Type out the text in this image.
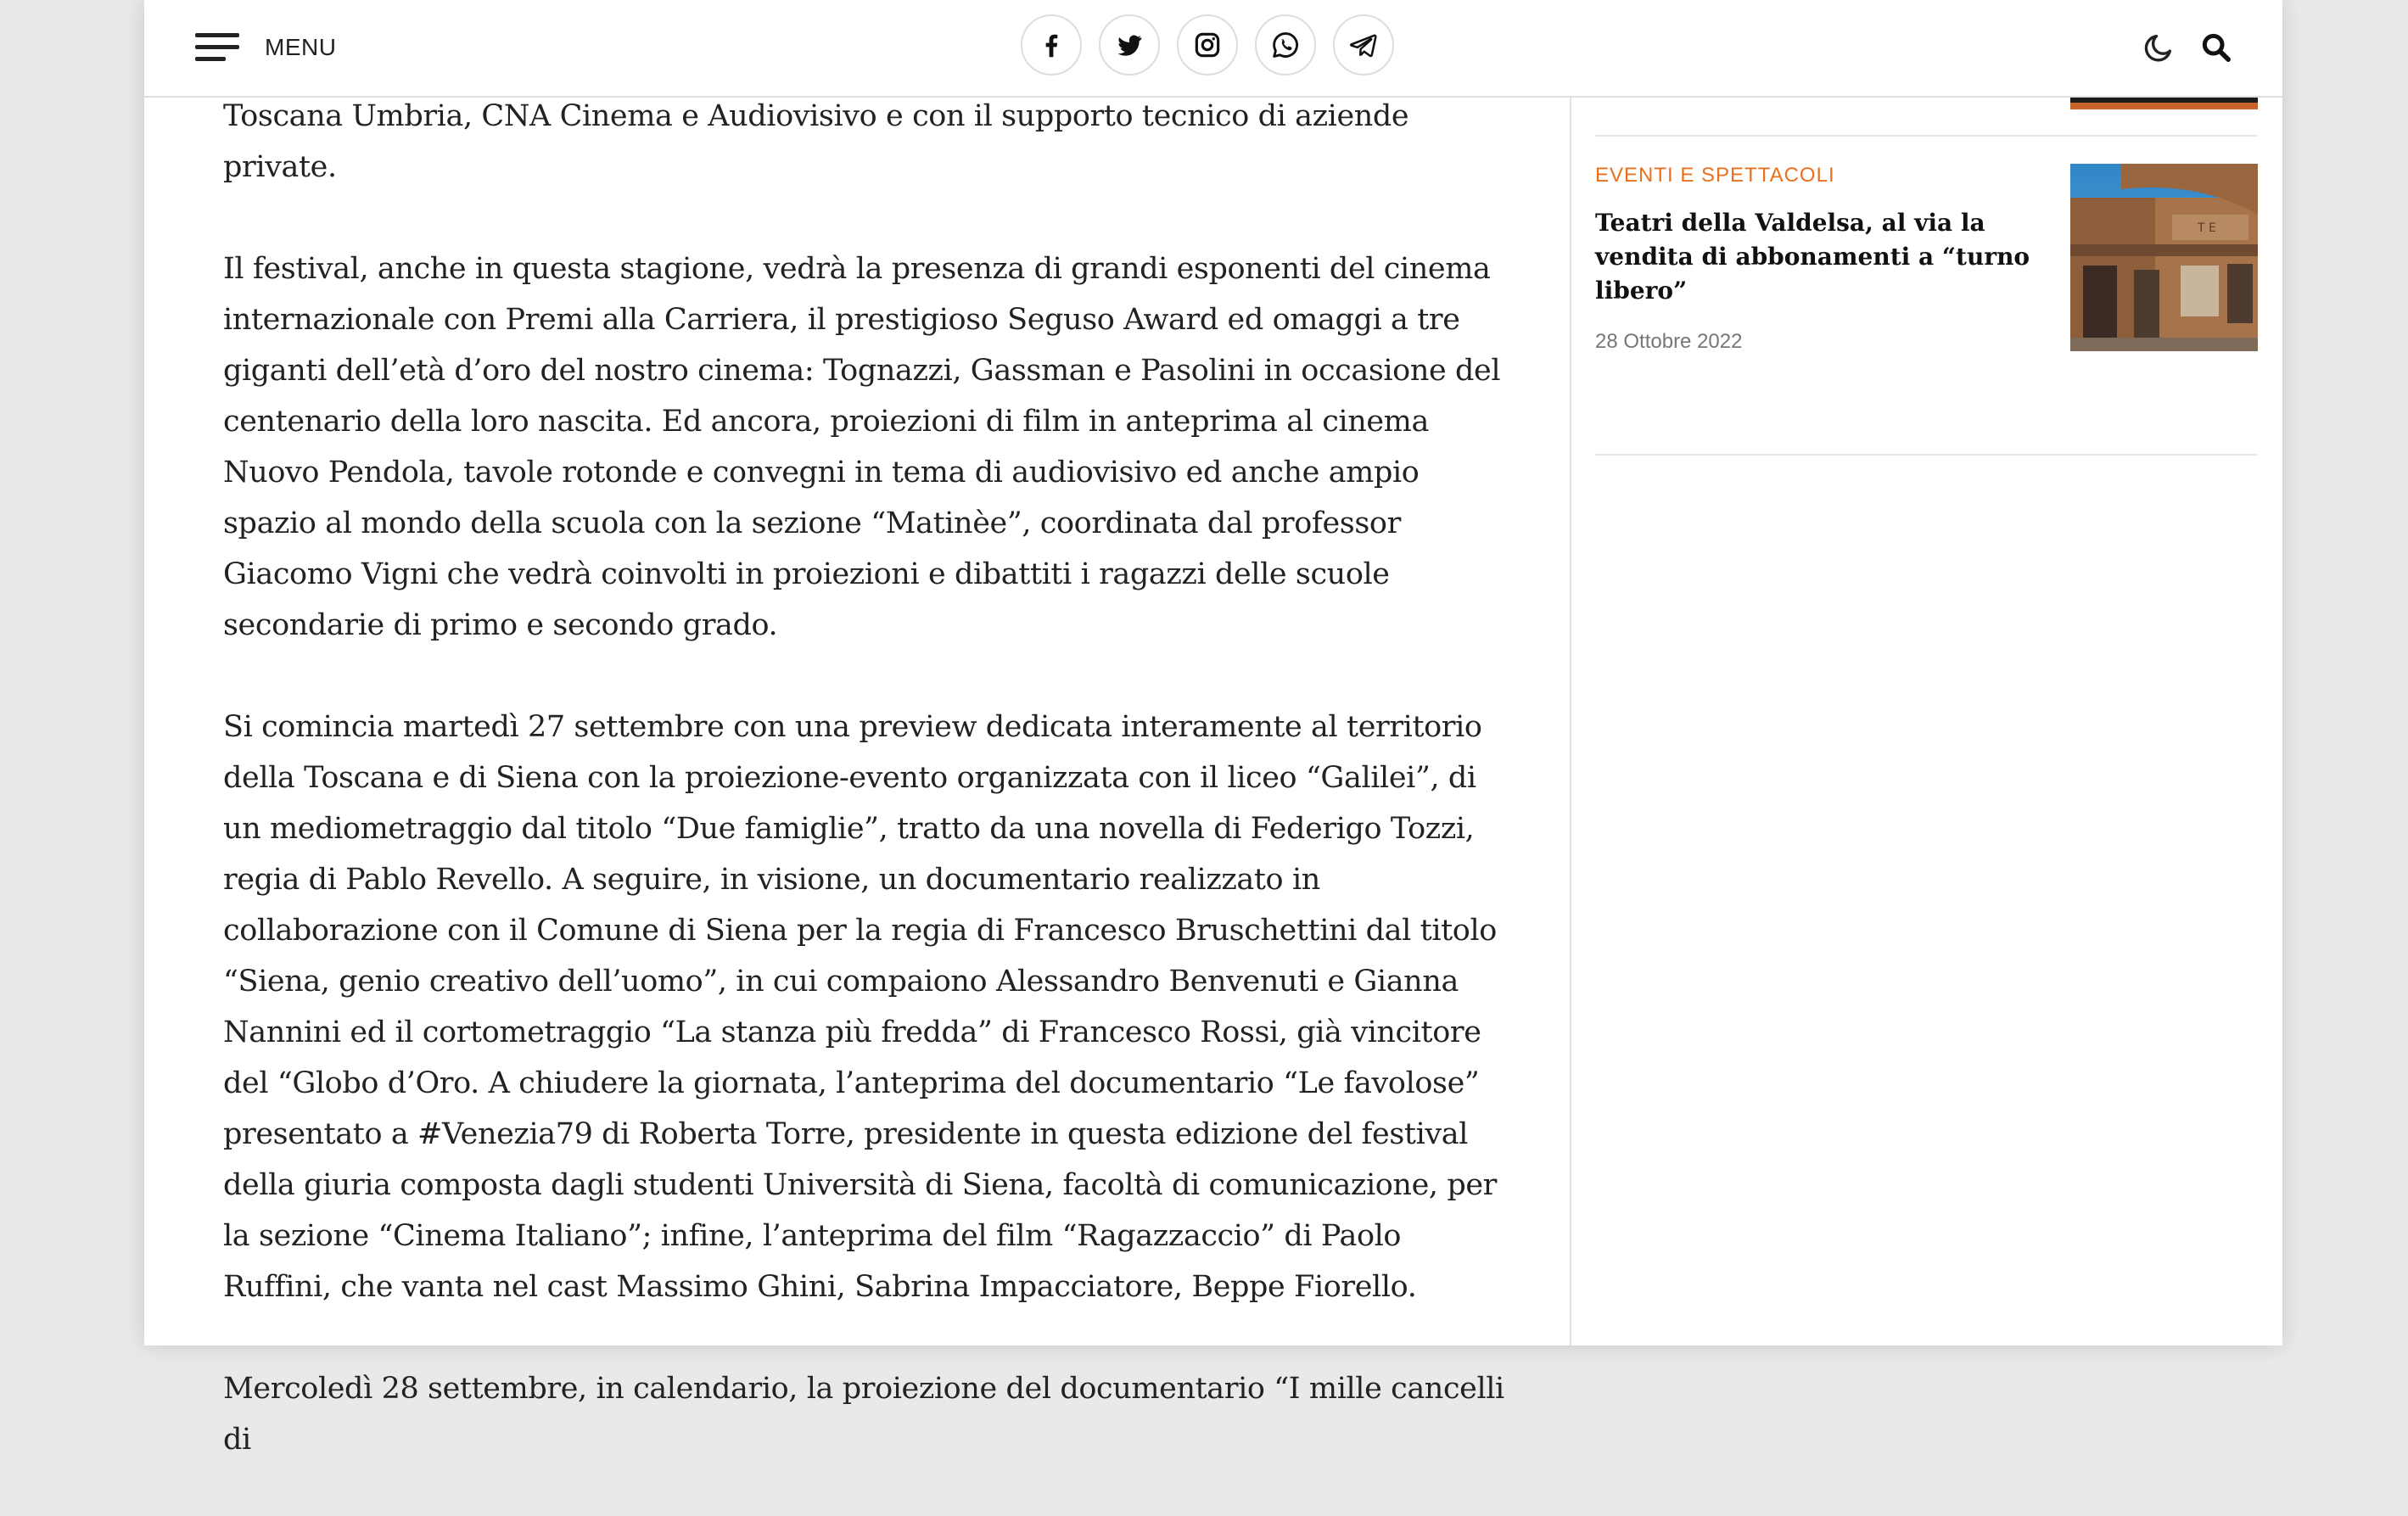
Toscana Umbria, CNA Cinema e Audiovisivo e con il supporto tecnico di aziende private.

Il festival, anche in questa stagione, vedrà la presenza di grandi esponenti del cinema internazionale con Premi alla Carriera, il prestigioso Seguso Award ed omaggi a tre giganti dell’età d’oro del nostro cinema: Tognazzi, Gassman e Pasolini in occasione del centenario della loro nascita. Ed ancora, proiezioni di film in anteprima al cinema Nuovo Pendola, tavole rotonde e convegni in tema di audiovisivo ed anche ampio spazio al mondo della scuola con la sezione “Matinèe”, coordinata dal professor Giacomo Vigni che vedrà coinvolti in proiezioni e dibattiti i ragazzi delle scuole secondarie di primo e secondo grado.

Si comincia martedì 27 settembre con una preview dedicata interamente al territorio della Toscana e di Siena con la proiezione-evento organizzata con il liceo “Galilei”, di un mediometraggio dal titolo “Due famiglie”, tratto da una novella di Federigo Tozzi, regia di Pablo Revello. A seguire, in visione, un documentario realizzato in collaborazione con il Comune di Siena per la regia di Francesco Bruschettini dal titolo “Siena, genio creativo dell’uomo”, in cui compaiono Alessandro Benvenuti e Gianna Nannini ed il cortometraggio “La stanza più fredda” di Francesco Rossi, già vincitore del “Globo d’Oro. A chiudere la giornata, l’anteprima del documentario “Le favolose” presentato a #Venezia79 di Roberta Torre, presidente in questa edizione del festival della giuria composta dagli studenti Università di Siena, facoltà di comunicazione, per la sezione “Cinema Italiano”; infine, l’anteprima del film “Ragazzaccio” di Paolo Ruffini, che vanta nel cast Massimo Ghini, Sabrina Impacciatore, Beppe Fiorello.

Mercoledì 28 settembre, in calendario, la proiezione del documentario “I mille cancelli di

EVENTI E SPETTACOLI
Teatri della Valdelsa, al via la vendita di abbonamenti a “turno libero”
28 Ottobre 2022
T E
MENU
